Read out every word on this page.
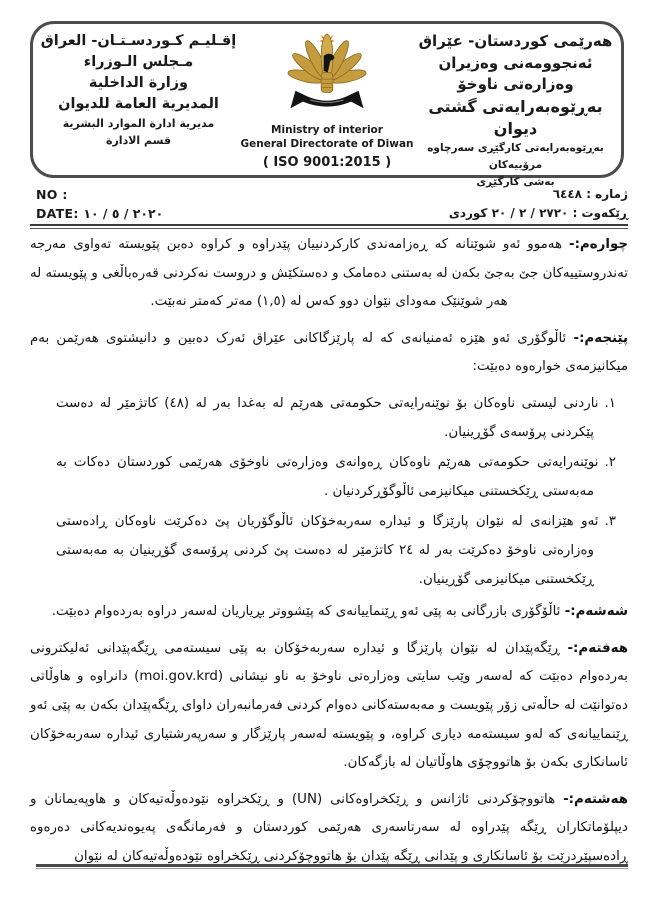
هەرێمی کوردستان- عێراق
ئەنجوومەنی وەزیران
وەزارەتی ناوخۆ
بەڕێوەبەرایەتی گشتی دیوان
بەڕێوەبەرایەتی کارگێڕی سەرچاوە مرۆییەکان
بەشی کارگێڕی
Ministry of interior
General Directorate of Diwan
( ISO 9001:2015 )
إقـليـم كـوردسـتـان- العراق
مـجلس الـوزراء
وزارة الداخلية
المديرية العامة للديوان
مديرية ادارة الموارد البشرية
قسم الادارة
NO :
DATE: ٢٠٢٠ / ٥ / ١٠
ژمارە : ٦٤٤٨
ڕێکەوت : ٢٧٢٠ / ٢ / ٢٠ کوردی

چوارەم:- هەموو ئەو شوێنانە کە ڕەزامەندی کارکردنییان پێدراوە و کراوە دەبن پێویستە تەواوی مەرجە تەندروستییەکان جێ بەجێ بکەن لە بەستنی دەمامک و دەستکێش و دروست نەکردنی قەرەباڵغی و پێویستە لە هەر شوێنێک مەودای نێوان دوو کەس لە (١,٥) مەتر کەمتر نەبێت.

پێنجەم:- ئاڵوگۆری ئەو هێزە ئەمنیانەی کە لە پارێزگاکانی عێراق ئەرک دەبین و دانیشتوی هەرێمن بەم میکانیزمەی خوارەوە دەبێت:

١.ناردنی لیستی ناوەکان بۆ نوێنەرایەتی حکومەتی هەرێم لە بەغدا بەر لە (٤٨) کاتژمێر لە دەست پێکردنی پرۆسەی گۆڕینیان.
٢.نوێنەرایەتی حکومەتی هەرێم ناوەکان ڕەوانەی وەزارەتی ناوخۆی هەرێمی کوردستان دەکات بە مەبەستی ڕێکخستنی میکانیزمی ئاڵوگۆڕکردنیان .
٣.ئەو هێزانەی لە نێوان پارێزگا و ئیدارە سەربەخۆکان ئاڵوگۆریان پێ دەکرێت ناوەکان ڕادەستی وەزارەتی ناوخۆ دەکرێت بەر لە ٢٤ کاتژمێر لە دەست پێ کردنی پرۆسەی گۆڕینیان بە مەبەستی ڕێکخستنی میکانیزمی گۆڕینیان.

شەشەم:- ئاڵۆگۆری بازرگانی بە پێی ئەو ڕێنماییانەی کە پێشووتر بڕیاریان لەسەر دراوە بەردەوام دەبێت.

هەفتەم:- ڕێگەپێدان لە نێوان پارێزگا و ئیدارە سەربەخۆکان بە پێی سیستەمی ڕێگەپێدانی ئەلیکترونی بەردەوام دەبێت کە لەسەر وێب سایتی وەزارەتی ناوخۆ بە ناو نیشانی (moi.gov.krd) دانراوە و هاوڵاتی دەتوانێت لە حاڵەتی زۆر پێویست و مەبەستەکانی دەوام کردنی فەرمانبەران داوای ڕێگەپێدان بکەن بە پێی ئەو ڕێنماییانەی کە لەو سیستەمە دیاری کراوە، و پێویستە لەسەر پارێزگار و سەرپەرشتیاری ئیدارە سەربەخۆکان ئاسانکاری بکەن بۆ هاتووچۆی هاوڵاتیان لە بازگەکان.

هەشتەم:- هاتووچۆکردنی ئاژانس و ڕێکخراوەکانی (UN) و ڕێکخراوە نێودەوڵەتیەکان و هاوپەیمانان و دیپلۆماتکاران ڕێگە پێدراوە لە سەرتاسەری هەرێمی کوردستان و فەرمانگەی پەیوەندیەکانی دەرەوە ڕادەسپێردرێت بۆ ئاسانکاری و پێدانی ڕێگە پێدان بۆ هاتووچۆکردنی ڕێکخراوە نێودەوڵەتیەکان لە نێوان
